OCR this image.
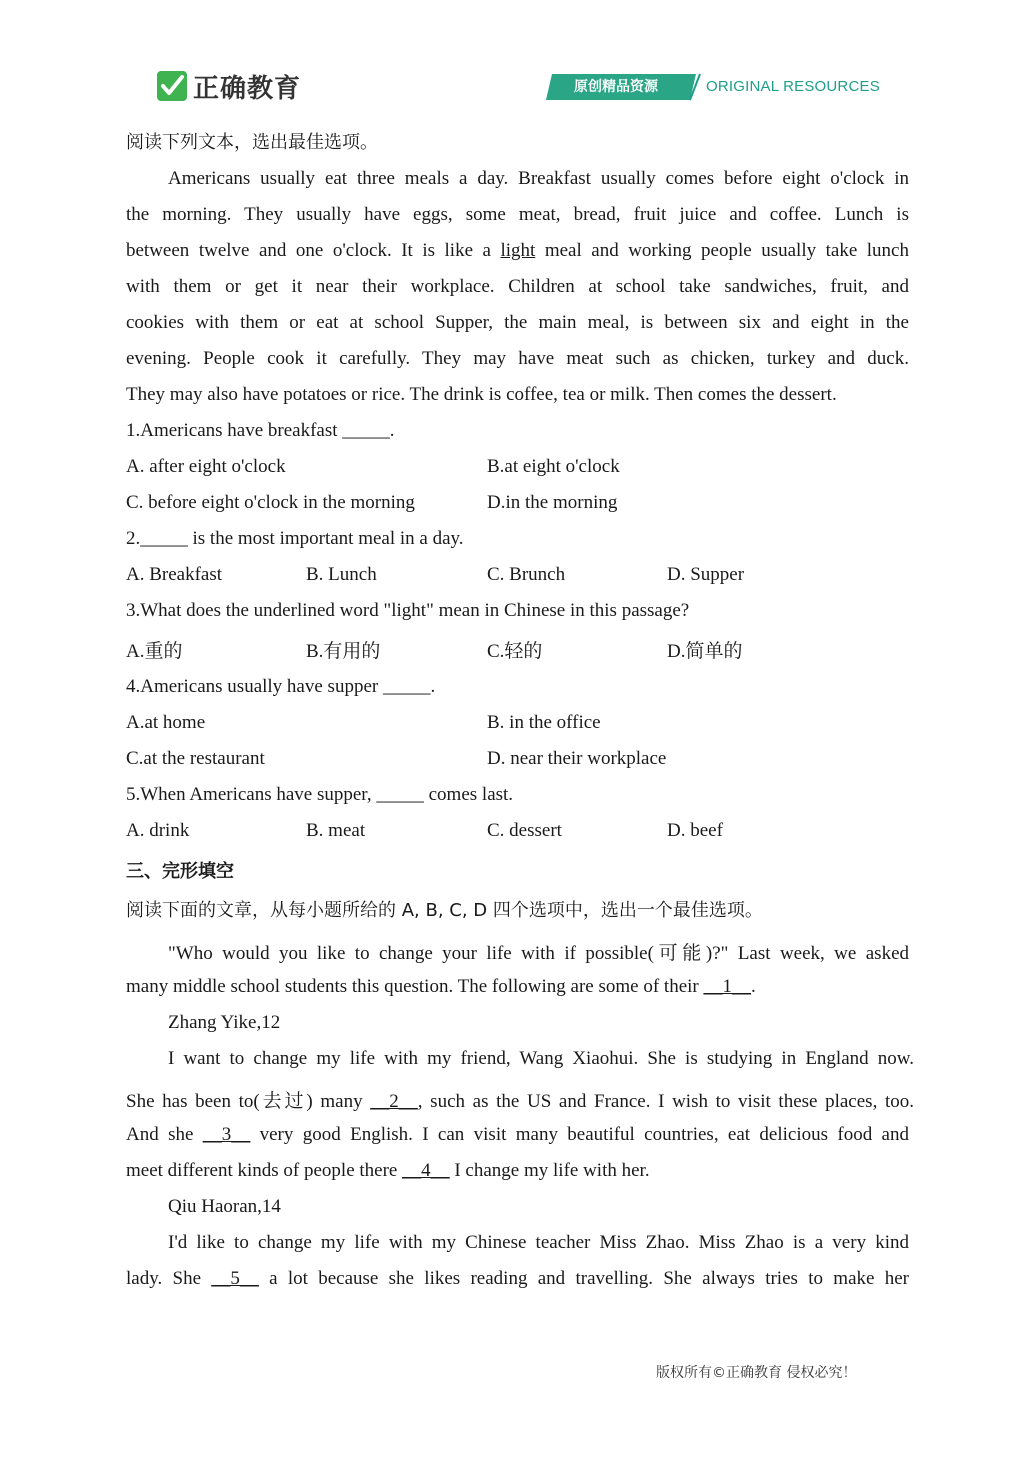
正确教育	原创精品资源	ORIGINAL RESOURCES
阅读下列文本，选出最佳选项。
Americans usually eat three meals a day. Breakfast usually comes before eight o'clock in
the morning. They usually have eggs, some meat, bread, fruit juice and coffee. Lunch is
between twelve and one o'clock. It is like a light meal and working people usually take lunch
with them or get it near their workplace. Children at school take sandwiches, fruit, and
cookies with them or eat at school Supper, the main meal, is between six and eight in the
evening. People cook it carefully. They may have meat such as chicken, turkey and duck.
They may also have potatoes or rice. The drink is coffee, tea or milk. Then comes the dessert.
1.Americans have breakfast _____.
A. after eight o'clock	B.at eight o'clock
C. before eight o'clock in the morning	D.in the morning
2._____ is the most important meal in a day.
A. Breakfast	B. Lunch	C. Brunch	D. Supper
3.What does the underlined word "light" mean in Chinese in this passage?
A.重的	B.有用的	C.轻的	D.简单的
4.Americans usually have supper _____.
A.at home	B. in the office
C.at the restaurant	D. near their workplace
5.When Americans have supper, _____ comes last.
A. drink	B. meat	C. dessert	D. beef
三、完形填空
阅读下面的文章，从每小题所给的 A, B, C, D 四个选项中，选出一个最佳选项。
"Who would you like to change your life with if possible(可能)?" Last week, we asked
many middle school students this question. The following are some of their __1__.
Zhang Yike,12
I want to change my life with my friend, Wang Xiaohui. She is studying in England now.
She has been to(去过) many __2__, such as the US and France. I wish to visit these places, too.
And she __3__ very good English. I can visit many beautiful countries, eat delicious food and
meet different kinds of people there __4__ I change my life with her.
Qiu Haoran,14
I'd like to change my life with my Chinese teacher Miss Zhao. Miss Zhao is a very kind
lady. She __5__ a lot because she likes reading and travelling. She always tries to make her
版权所有©正确教育 侵权必究！
